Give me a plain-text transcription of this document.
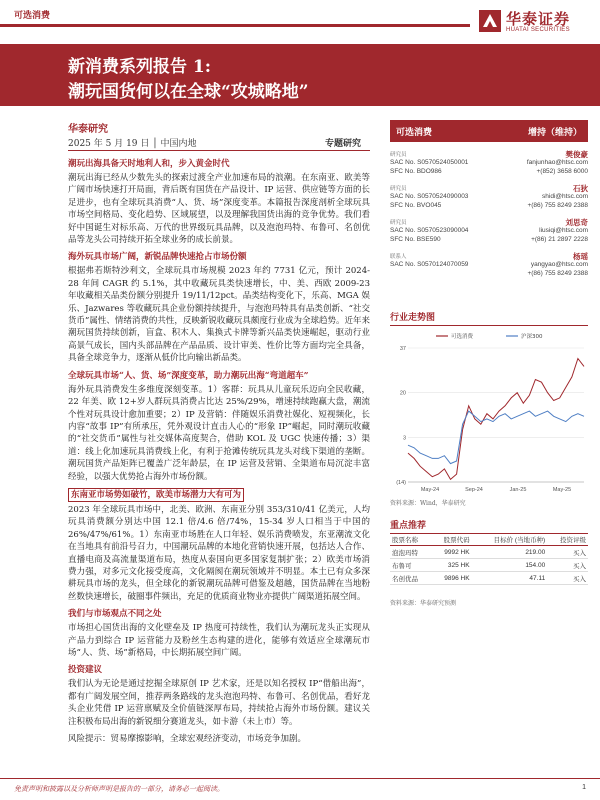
可选消费	华泰证券
HUATAI SECURITIES
新消费系列报告 1:
潮玩国货何以在全球“攻城略地”
华泰研究
2025 年 5 月 19 日 │ 中国内地	专题研究
潮玩出海具备天时地利人和，步入黄金时代
潮玩出海已经从少数先头的探索过渡全产业加速布局的浪潮。在东南亚、欧美等广阔市场快速打开局面，背后既有国货在产品设计、IP 运营、供应链等方面的长足进步，也有全球玩具消费“人、货、场”深度变革。本篇报告深度剖析全球玩具市场空间格局、变化趋势、区域展望，以及理解我国货出海的竞争优势。我们看好中国诞生对标乐高、万代的世界级玩具品牌，以及泡泡玛特、布鲁可、名创优品等龙头公司持续开拓全球业务的成长前景。
海外玩具市场广阔，新锐品牌快速抢占市场份额
根据弗若斯特沙利文，全球玩具市场规模 2023 年约 7731 亿元，预计 2024-28 年间 CAGR 约 5.1%，其中收藏玩具类快速增长，中、美、西欧 2009-23 年收藏相关品类份额分别提升 19/11/12pct。品类结构变化下，乐高、MGA 娱乐、Jazwares 等收藏玩具企业份额持续提升，与泡泡玛特具有品类创新、“社交货币”属性、情绪消费的共性，反映新锐收藏玩具颇度行业成为全球趋势。近年来潮玩国货持续创新，盲盒、积木人、集换式卡牌等新兴品类快速崛起，驱动行业高景气成长，国内头部品牌在产品品质、设计审美、性价比等方面均完全具备，具备全球竞争力，逐渐从低价比向输出新品类。
全球玩具市场“人、货、场”深度变革，助力潮玩出海“弯道超车”
海外玩具消费发生多维度深刻变革。1）客群：玩具从儿童玩乐迈向全民收藏，22 年美、欧 12+岁人群玩具消费占比达 25%/29%，增速持续跑赢大盘，潮流个性对玩具设计愈加重要；2）IP 及营销：伴随娱乐消费社媒化、短视频化，长内容“故事 IP”有所承压，凭外观设计直击人心的“形象 IP”崛起，同时潮玩收藏的“社交货币”属性与社交媒体高度契合，借助 KOL 及 UGC 快速传播；3）渠道：线上化加速玩具消费线上化，有利于抢滩传统玩具龙头对线下渠道的垄断。潮玩国货产品矩阵已覆盖广泛年龄层，在 IP 运营及营销、全渠道布局沉淀丰富经验，以强大优势抢占海外市场份额。
东南亚市场势如破竹，欧美市场潜力大有可为
2023 年全球玩具市场中，北美、欧洲、东南亚分别 353/310/41 亿美元，人均玩具消费额分别达中国 12.1 倍/4.6 倍/74%，15-34 岁人口相当于中国的 26%/47%/61%。1）东南亚市场胜在人口年轻、娱乐消费喷发，东亚潮流文化在当地具有前沿号召力，中国潮玩品牌的本地化营销快速开展，包括达人合作、直播电商及高流量渠道布局，热度从泰国向更多国家复制扩张；2）欧美市场消费力强，对多元文化接受度高，文化隔阂在潮玩领域并不明显。本土已有众多深耕玩具市场的龙头，但全球化的新锐潮玩品牌可借鉴及超越，国货品牌在当地粉丝数快速增长，破圈事件频出，充足的优质商业物业亦提供广阔渠道拓展空间。
我们与市场观点不同之处
市场担心国货出海的文化壁垒及 IP 热度可持续性，我们认为潮玩龙头正实现从产品力到综合 IP 运营能力及粉丝生态构建的进化，能够有效适应全球潮玩市场“人、货、场”新格局，中长期拓展空间广阔。
投资建议
我们认为无论是通过挖掘全球原创 IP 艺术家，还是以知名授权 IP“借船出海”，都有广阔发展空间，推荐两条路线的龙头泡泡玛特、布鲁可、名创优品，看好龙头企业凭借 IP 运营禀赋及全价值链深厚布局，持续抢占海外市场份额。建议关注积极布局出海的新锐细分赛道龙头，如卡游（未上市）等。
风险提示：贸易摩擦影响，全球宏观经济变动，市场竞争加剧。
可选消费	增持（维持）
研究员	樊俊豪
SAC No. S0570524050001	fanjunhao@htsc.com
SFC No. BDO986	+(852) 3658 6000
研究员	石狄
SAC No. S0570524090003	shidi@htsc.com
SFC No. BVO045	+(86) 755 8249 2388
研究员	刘思奇
SAC No. S0570523090004	liusiqi@htsc.com
SFC No. BSE590	+(86) 21 2897 2228
联系人	杨瑶
SAC No. S0570124070059	yangyao@htsc.com
+(86) 755 8249 2388
行业走势图
37
20
3
(14)
May-24	Sep-24	Jan-25	May-25
可选消费	沪深300
资料来源：Wind，华泰研究
重点推荐
股票名称	股票代码	目标价 (当地币种)	投资评级
泡泡玛特	9992 HK	219.00	买入
布鲁可	325 HK	154.00	买入
名创优品	9896 HK	47.11	买入
资料来源：华泰研究预测
免责声明和披露以及分析师声明是报告的一部分，请务必一起阅读。	1
